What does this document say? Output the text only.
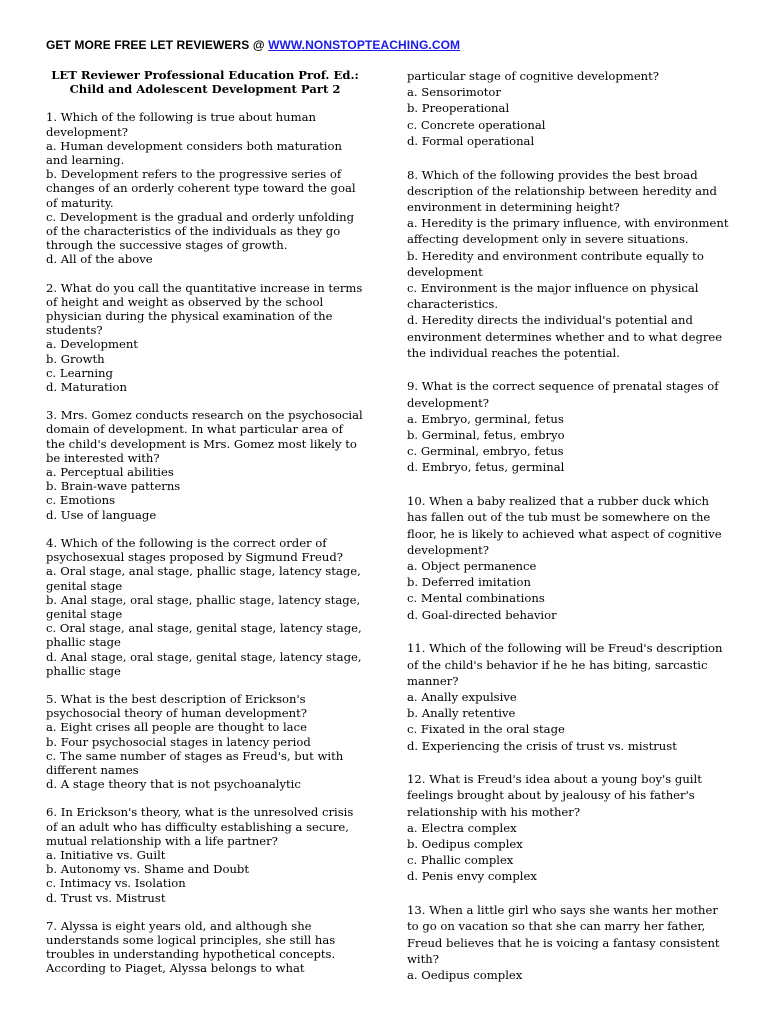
GET MORE FREE LET REVIEWERS @ WWW.NONSTOPTEACHING.COM
LET Reviewer Professional Education Prof. Ed.:
Child and Adolescent Development Part 2

1. Which of the following is true about human development?

a. Human development considers both maturation and learning.

b. Development refers to the progressive series of changes of an orderly coherent type toward the goal of maturity.

c. Development is the gradual and orderly unfolding of the characteristics of the individuals as they go through the successive stages of growth.

d. All of the above

2. What do you call the quantitative increase in terms of height and weight as observed by the school physician during the physical examination of the students?

a. Development

b. Growth

c. Learning

d. Maturation

3. Mrs. Gomez conducts research on the psychosocial domain of development. In what particular area of the child's development is Mrs. Gomez most likely to be interested with?

a. Perceptual abilities

b. Brain-wave patterns

c. Emotions

d. Use of language

4. Which of the following is the correct order of psychosexual stages proposed by Sigmund Freud?

a. Oral stage, anal stage, phallic stage, latency stage, genital stage

b. Anal stage, oral stage, phallic stage, latency stage, genital stage

c. Oral stage, anal stage, genital stage, latency stage, phallic stage

d. Anal stage, oral stage, genital stage, latency stage, phallic stage

5. What is the best description of Erickson's psychosocial theory of human development?

a. Eight crises all people are thought to lace

b. Four psychosocial stages in latency period

c. The same number of stages as Freud's, but with different names

d. A stage theory that is not psychoanalytic

6. In Erickson's theory, what is the unresolved crisis of an adult who has difficulty establishing a secure, mutual relationship with a life partner?

a. Initiative vs. Guilt

b. Autonomy vs. Shame and Doubt

c. Intimacy vs. Isolation

d. Trust vs. Mistrust

7. Alyssa is eight years old, and although she understands some logical principles, she still has troubles in understanding hypothetical concepts. According to Piaget, Alyssa belongs to what

particular stage of cognitive development?

a. Sensorimotor

b. Preoperational

c. Concrete operational

d. Formal operational

8. Which of the following provides the best broad description of the relationship between heredity and environment in determining height?

a. Heredity is the primary influence, with environment affecting development only in severe situations.

b. Heredity and environment contribute equally to development

c. Environment is the major influence on physical characteristics.

d. Heredity directs the individual's potential and environment determines whether and to what degree the individual reaches the potential.

9. What is the correct sequence of prenatal stages of development?

a. Embryo, germinal, fetus

b. Germinal, fetus, embryo

c. Germinal, embryo, fetus

d. Embryo, fetus, germinal

10. When a baby realized that a rubber duck which has fallen out of the tub must be somewhere on the floor, he is likely to achieved what aspect of cognitive development?

a. Object permanence

b. Deferred imitation

c. Mental combinations

d. Goal-directed behavior

11. Which of the following will be Freud's description of the child's behavior if he he has biting, sarcastic manner?

a. Anally expulsive

b. Anally retentive

c. Fixated in the oral stage

d. Experiencing the crisis of trust vs. mistrust

12. What is Freud's idea about a young boy's guilt feelings brought about by jealousy of his father's relationship with his mother?

a. Electra complex

b. Oedipus complex

c. Phallic complex

d. Penis envy complex

13. When a little girl who says she wants her mother to go on vacation so that she can marry her father, Freud believes that he is voicing a fantasy consistent with?

a. Oedipus complex
